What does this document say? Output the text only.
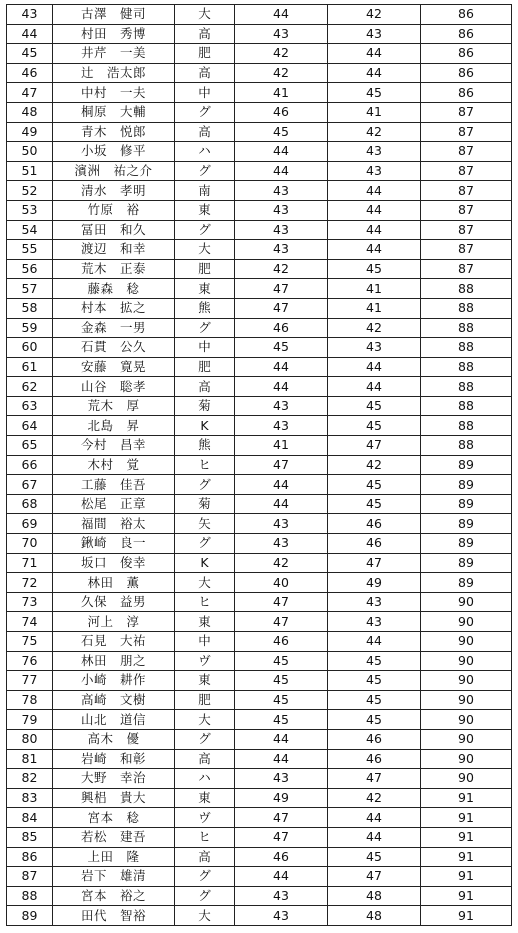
43	古澤　健司	大	44	42	86
44	村田　秀博	高	43	43	86
45	井芹　一美	肥	42	44	86
46	辻　浩太郎	高	42	44	86
47	中村　一夫	中	41	45	86
48	桐原　大輔	グ	46	41	87
49	青木　悦郎	高	45	42	87
50	小坂　修平	ハ	44	43	87
51	濱洲　祐之介	グ	44	43	87
52	清水　孝明	南	43	44	87
53	竹原　裕	東	43	44	87
54	冨田　和久	グ	43	44	87
55	渡辺　和幸	大	43	44	87
56	荒木　正泰	肥	42	45	87
57	藤森　稔	東	47	41	88
58	村本　拡之	熊	47	41	88
59	金森　一男	グ	46	42	88
60	石貫　公久	中	45	43	88
61	安藤　寛晃	肥	44	44	88
62	山谷　聡孝	高	44	44	88
63	荒木　厚	菊	43	45	88
64	北島　昇	K	43	45	88
65	今村　昌幸	熊	41	47	88
66	木村　覚	ヒ	47	42	89
67	工藤　佳吾	グ	44	45	89
68	松尾　正章	菊	44	45	89
69	福間　裕太	矢	43	46	89
70	鍬崎　良一	グ	43	46	89
71	坂口　俊幸	K	42	47	89
72	林田　薫	大	40	49	89
73	久保　益男	ヒ	47	43	90
74	河上　淳	東	47	43	90
75	石見　大祐	中	46	44	90
76	林田　朋之	ヴ	45	45	90
77	小崎　耕作	東	45	45	90
78	高崎　文樹	肥	45	45	90
79	山北　道信	大	45	45	90
80	高木　優	グ	44	46	90
81	岩崎　和彰	高	44	46	90
82	大野　幸治	ハ	43	47	90
83	興梠　貴大	東	49	42	91
84	宮本　稔	ヴ	47	44	91
85	若松　建吾	ヒ	47	44	91
86	上田　隆	高	46	45	91
87	岩下　雄清	グ	44	47	91
88	宮本　裕之	グ	43	48	91
89	田代　智裕	大	43	48	91
